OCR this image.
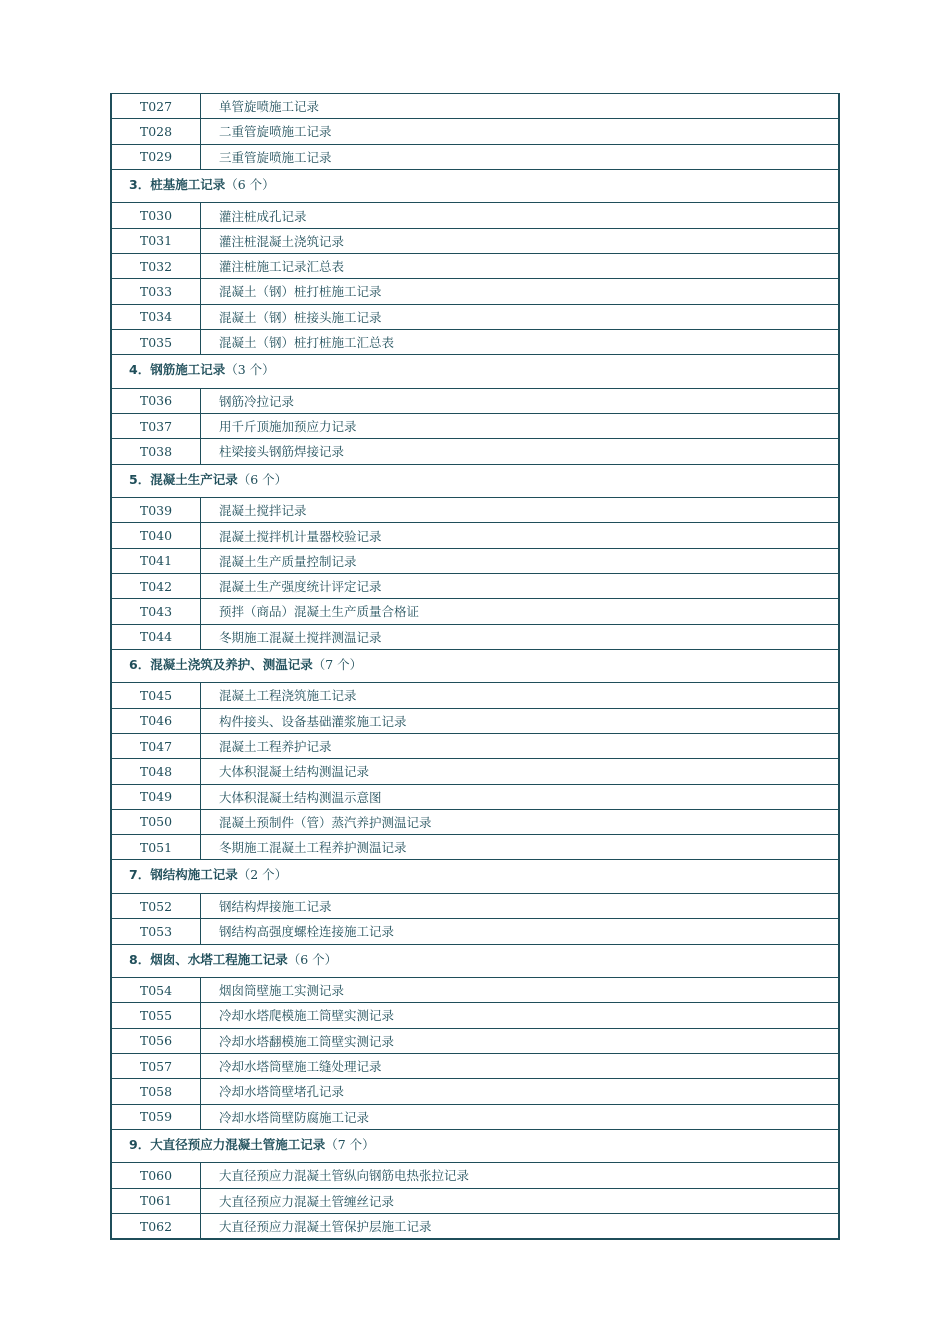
T027	单管旋喷施工记录
T028	二重管旋喷施工记录
T029	三重管旋喷施工记录
3．桩基施工记录（6 个）	
T030	灌注桩成孔记录
T031	灌注桩混凝土浇筑记录
T032	灌注桩施工记录汇总表
T033	混凝土（钢）桩打桩施工记录
T034	混凝土（钢）桩接头施工记录
T035	混凝土（钢）桩打桩施工汇总表
4．钢筋施工记录（3 个）	
T036	钢筋冷拉记录
T037	用千斤顶施加预应力记录
T038	柱梁接头钢筋焊接记录
5．混凝土生产记录（6 个）	
T039	混凝土搅拌记录
T040	混凝土搅拌机计量器校验记录
T041	混凝土生产质量控制记录
T042	混凝土生产强度统计评定记录
T043	预拌（商品）混凝土生产质量合格证
T044	冬期施工混凝土搅拌测温记录
6．混凝土浇筑及养护、测温记录（7 个）	
T045	混凝土工程浇筑施工记录
T046	构件接头、设备基础灌浆施工记录
T047	混凝土工程养护记录
T048	大体积混凝土结构测温记录
T049	大体积混凝土结构测温示意图
T050	混凝土预制件（管）蒸汽养护测温记录
T051	冬期施工混凝土工程养护测温记录
7．钢结构施工记录（2 个）	
T052	钢结构焊接施工记录
T053	钢结构高强度螺栓连接施工记录
8．烟囱、水塔工程施工记录（6 个）	
T054	烟囱筒壁施工实测记录
T055	冷却水塔爬模施工筒壁实测记录
T056	冷却水塔翻模施工筒壁实测记录
T057	冷却水塔筒壁施工缝处理记录
T058	冷却水塔筒壁堵孔记录
T059	冷却水塔筒壁防腐施工记录
9．大直径预应力混凝土管施工记录（7 个）	
T060	大直径预应力混凝土管纵向钢筋电热张拉记录
T061	大直径预应力混凝土管缠丝记录
T062	大直径预应力混凝土管保护层施工记录
